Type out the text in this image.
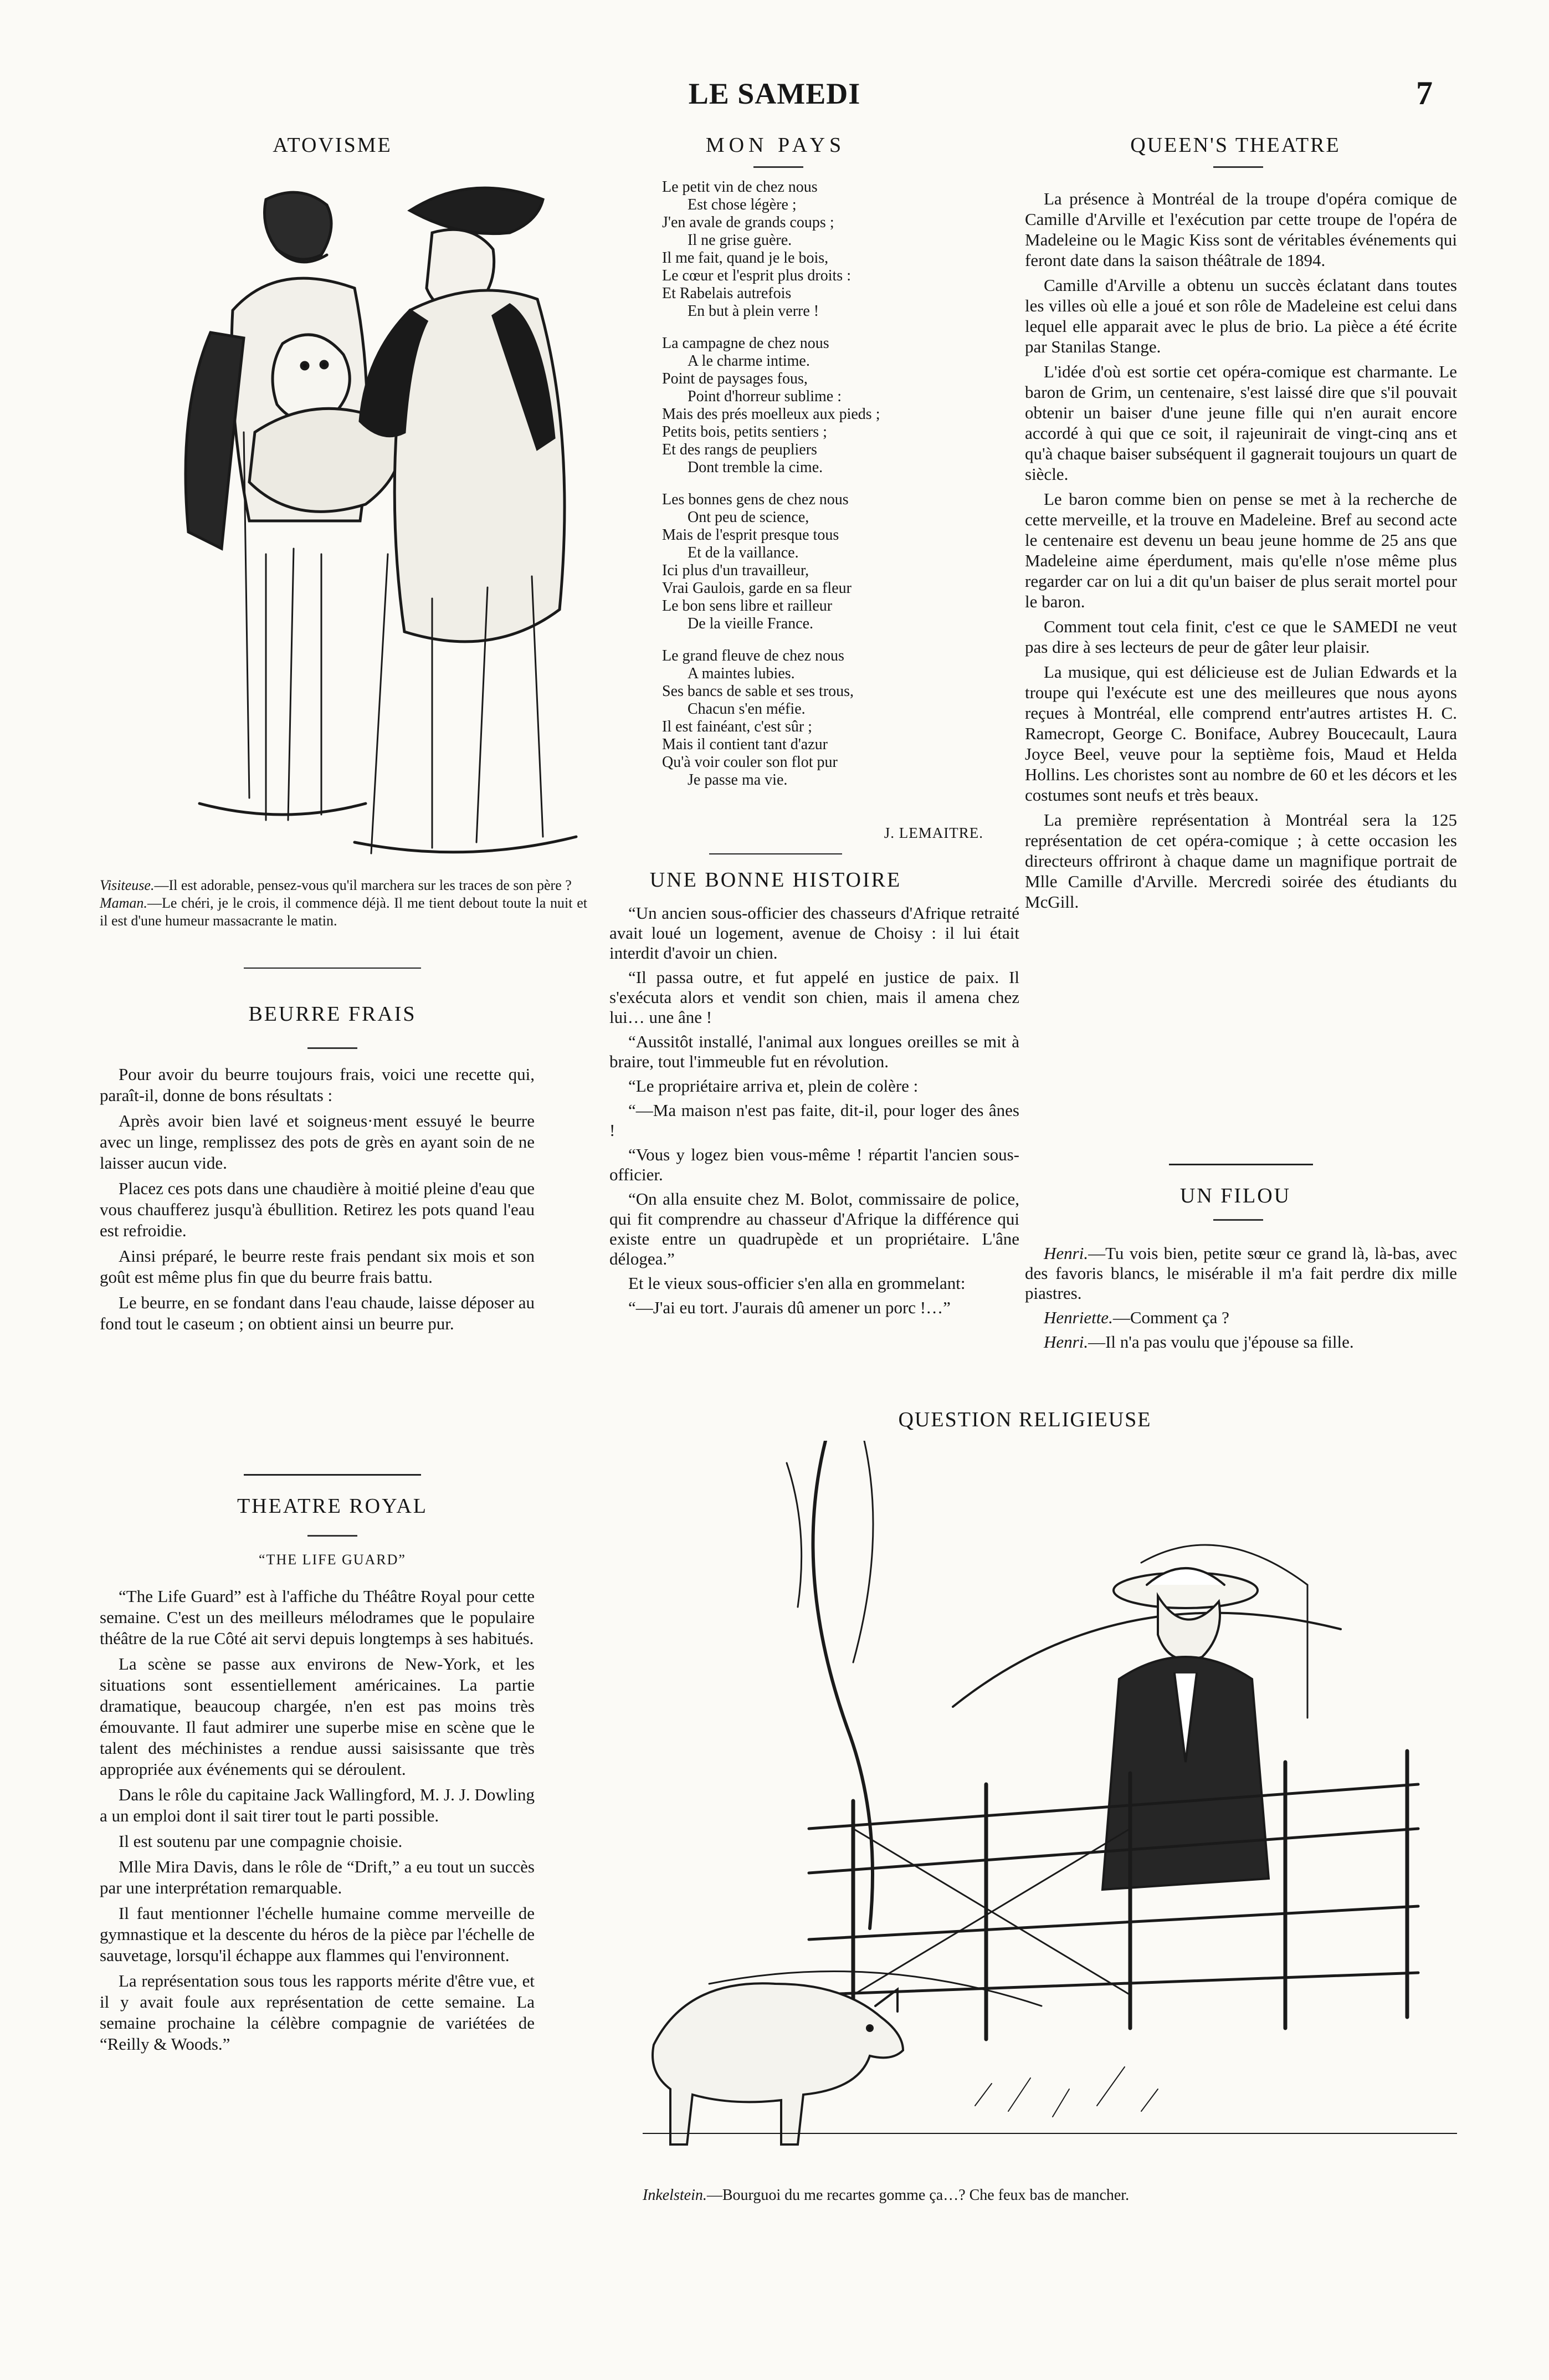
LE SAMEDI	7
ATOVISME
Visiteuse.—Il est adorable, pensez-vous qu'il marchera sur les traces de son père ?
Maman.—Le chéri, je le crois, il commence déjà. Il me tient debout toute la nuit et il est d'une humeur massacrante le matin.
BEURRE FRAIS

Pour avoir du beurre toujours frais, voici une recette qui, paraît-il, donne de bons résultats :

Après avoir bien lavé et soigneus·ment essuyé le beurre avec un linge, remplissez des pots de grès en ayant soin de ne laisser aucun vide.

Placez ces pots dans une chaudière à moitié pleine d'eau que vous chaufferez jusqu'à ébullition. Retirez les pots quand l'eau est refroidie.

Ainsi préparé, le beurre reste frais pendant six mois et son goût est même plus fin que du beurre frais battu.

Le beurre, en se fondant dans l'eau chaude, laisse déposer au fond tout le caseum ; on obtient ainsi un beurre pur.

THEATRE ROYAL
“THE LIFE GUARD”

“The Life Guard” est à l'affiche du Théâtre Royal pour cette semaine. C'est un des meilleurs mélodrames que le populaire théâtre de la rue Côté ait servi depuis longtemps à ses habitués.

La scène se passe aux environs de New-York, et les situations sont essentiellement américaines. La partie dramatique, beaucoup chargée, n'en est pas moins très émouvante. Il faut admirer une superbe mise en scène que le talent des méchinistes a rendue aussi saisissante que très appropriée aux événements qui se déroulent.

Dans le rôle du capitaine Jack Wallingford, M. J. J. Dowling a un emploi dont il sait tirer tout le parti possible.

Il est soutenu par une compagnie choisie.

Mlle Mira Davis, dans le rôle de “Drift,” a eu tout un succès par une interprétation remarquable.

Il faut mentionner l'échelle humaine comme merveille de gymnastique et la descente du héros de la pièce par l'échelle de sauvetage, lorsqu'il échappe aux flammes qui l'environnent.

La représentation sous tous les rapports mérite d'être vue, et il y avait foule aux représentation de cette semaine. La semaine prochaine la célèbre compagnie de variétées de “Reilly & Woods.”

MON PAYS
Le petit vin de chez nous
Est chose légère ;
J'en avale de grands coups ;
Il ne grise guère.
Il me fait, quand je le bois,
Le cœur et l'esprit plus droits :
Et Rabelais autrefois
En but à plein verre !
La campagne de chez nous
A le charme intime.
Point de paysages fous,
Point d'horreur sublime :
Mais des prés moelleux aux pieds ;
Petits bois, petits sentiers ;
Et des rangs de peupliers
Dont tremble la cime.
Les bonnes gens de chez nous
Ont peu de science,
Mais de l'esprit presque tous
Et de la vaillance.
Ici plus d'un travailleur,
Vrai Gaulois, garde en sa fleur
Le bon sens libre et railleur
De la vieille France.
Le grand fleuve de chez nous
A maintes lubies.
Ses bancs de sable et ses trous,
Chacun s'en méfie.
Il est fainéant, c'est sûr ;
Mais il contient tant d'azur
Qu'à voir couler son flot pur
Je passe ma vie.
J. LEMAITRE.
UNE BONNE HISTOIRE

“Un ancien sous-officier des chasseurs d'Afrique retraité avait loué un logement, avenue de Choisy : il lui était interdit d'avoir un chien.

“Il passa outre, et fut appelé en justice de paix. Il s'exécuta alors et vendit son chien, mais il amena chez lui… une âne !

“Aussitôt installé, l'animal aux longues oreilles se mit à braire, tout l'immeuble fut en révolution.

“Le propriétaire arriva et, plein de colère :

“—Ma maison n'est pas faite, dit-il, pour loger des ânes !

“Vous y logez bien vous-même ! répartit l'ancien sous-officier.

“On alla ensuite chez M. Bolot, commissaire de police, qui fit comprendre au chasseur d'Afrique la différence qui existe entre un quadrupède et un propriétaire. L'âne délogea.”

Et le vieux sous-officier s'en alla en grommelant:

“—J'ai eu tort. J'aurais dû amener un porc !…”

QUEEN'S THEATRE

La présence à Montréal de la troupe d'opéra comique de Camille d'Arville et l'exécution par cette troupe de l'opéra de Madeleine ou le Magic Kiss sont de véritables événements qui feront date dans la saison théâtrale de 1894.

Camille d'Arville a obtenu un succès éclatant dans toutes les villes où elle a joué et son rôle de Madeleine est celui dans lequel elle apparait avec le plus de brio. La pièce a été écrite par Stanilas Stange.

L'idée d'où est sortie cet opéra-comique est charmante. Le baron de Grim, un centenaire, s'est laissé dire que s'il pouvait obtenir un baiser d'une jeune fille qui n'en aurait encore accordé à qui que ce soit, il rajeunirait de vingt-cinq ans et qu'à chaque baiser subséquent il gagnerait toujours un quart de siècle.

Le baron comme bien on pense se met à la recherche de cette merveille, et la trouve en Madeleine. Bref au second acte le centenaire est devenu un beau jeune homme de 25 ans que Madeleine aime éperdument, mais qu'elle n'ose même plus regarder car on lui a dit qu'un baiser de plus serait mortel pour le baron.

Comment tout cela finit, c'est ce que le SAMEDI ne veut pas dire à ses lecteurs de peur de gâter leur plaisir.

La musique, qui est délicieuse est de Julian Edwards et la troupe qui l'exécute est une des meilleures que nous ayons reçues à Montréal, elle comprend entr'autres artistes H. C. Ramecropt, George C. Boniface, Aubrey Boucecault, Laura Joyce Beel, veuve pour la septième fois, Maud et Helda Hollins. Les choristes sont au nombre de 60 et les décors et les costumes sont neufs et très beaux.

La première représentation à Montréal sera la 125 représentation de cet opéra-comique ; à cette occasion les directeurs offriront à chaque dame un magnifique portrait de Mlle Camille d'Arville. Mercredi soirée des étudiants du McGill.

UN FILOU

Henri.—Tu vois bien, petite sœur ce grand là, là-bas, avec des favoris blancs, le misérable il m'a fait perdre dix mille piastres.

Henriette.—Comment ça ?

Henri.—Il n'a pas voulu que j'épouse sa fille.

QUESTION RELIGIEUSE
Inkelstein.—Bourguoi du me recartes gomme ça…? Che feux bas de mancher.
